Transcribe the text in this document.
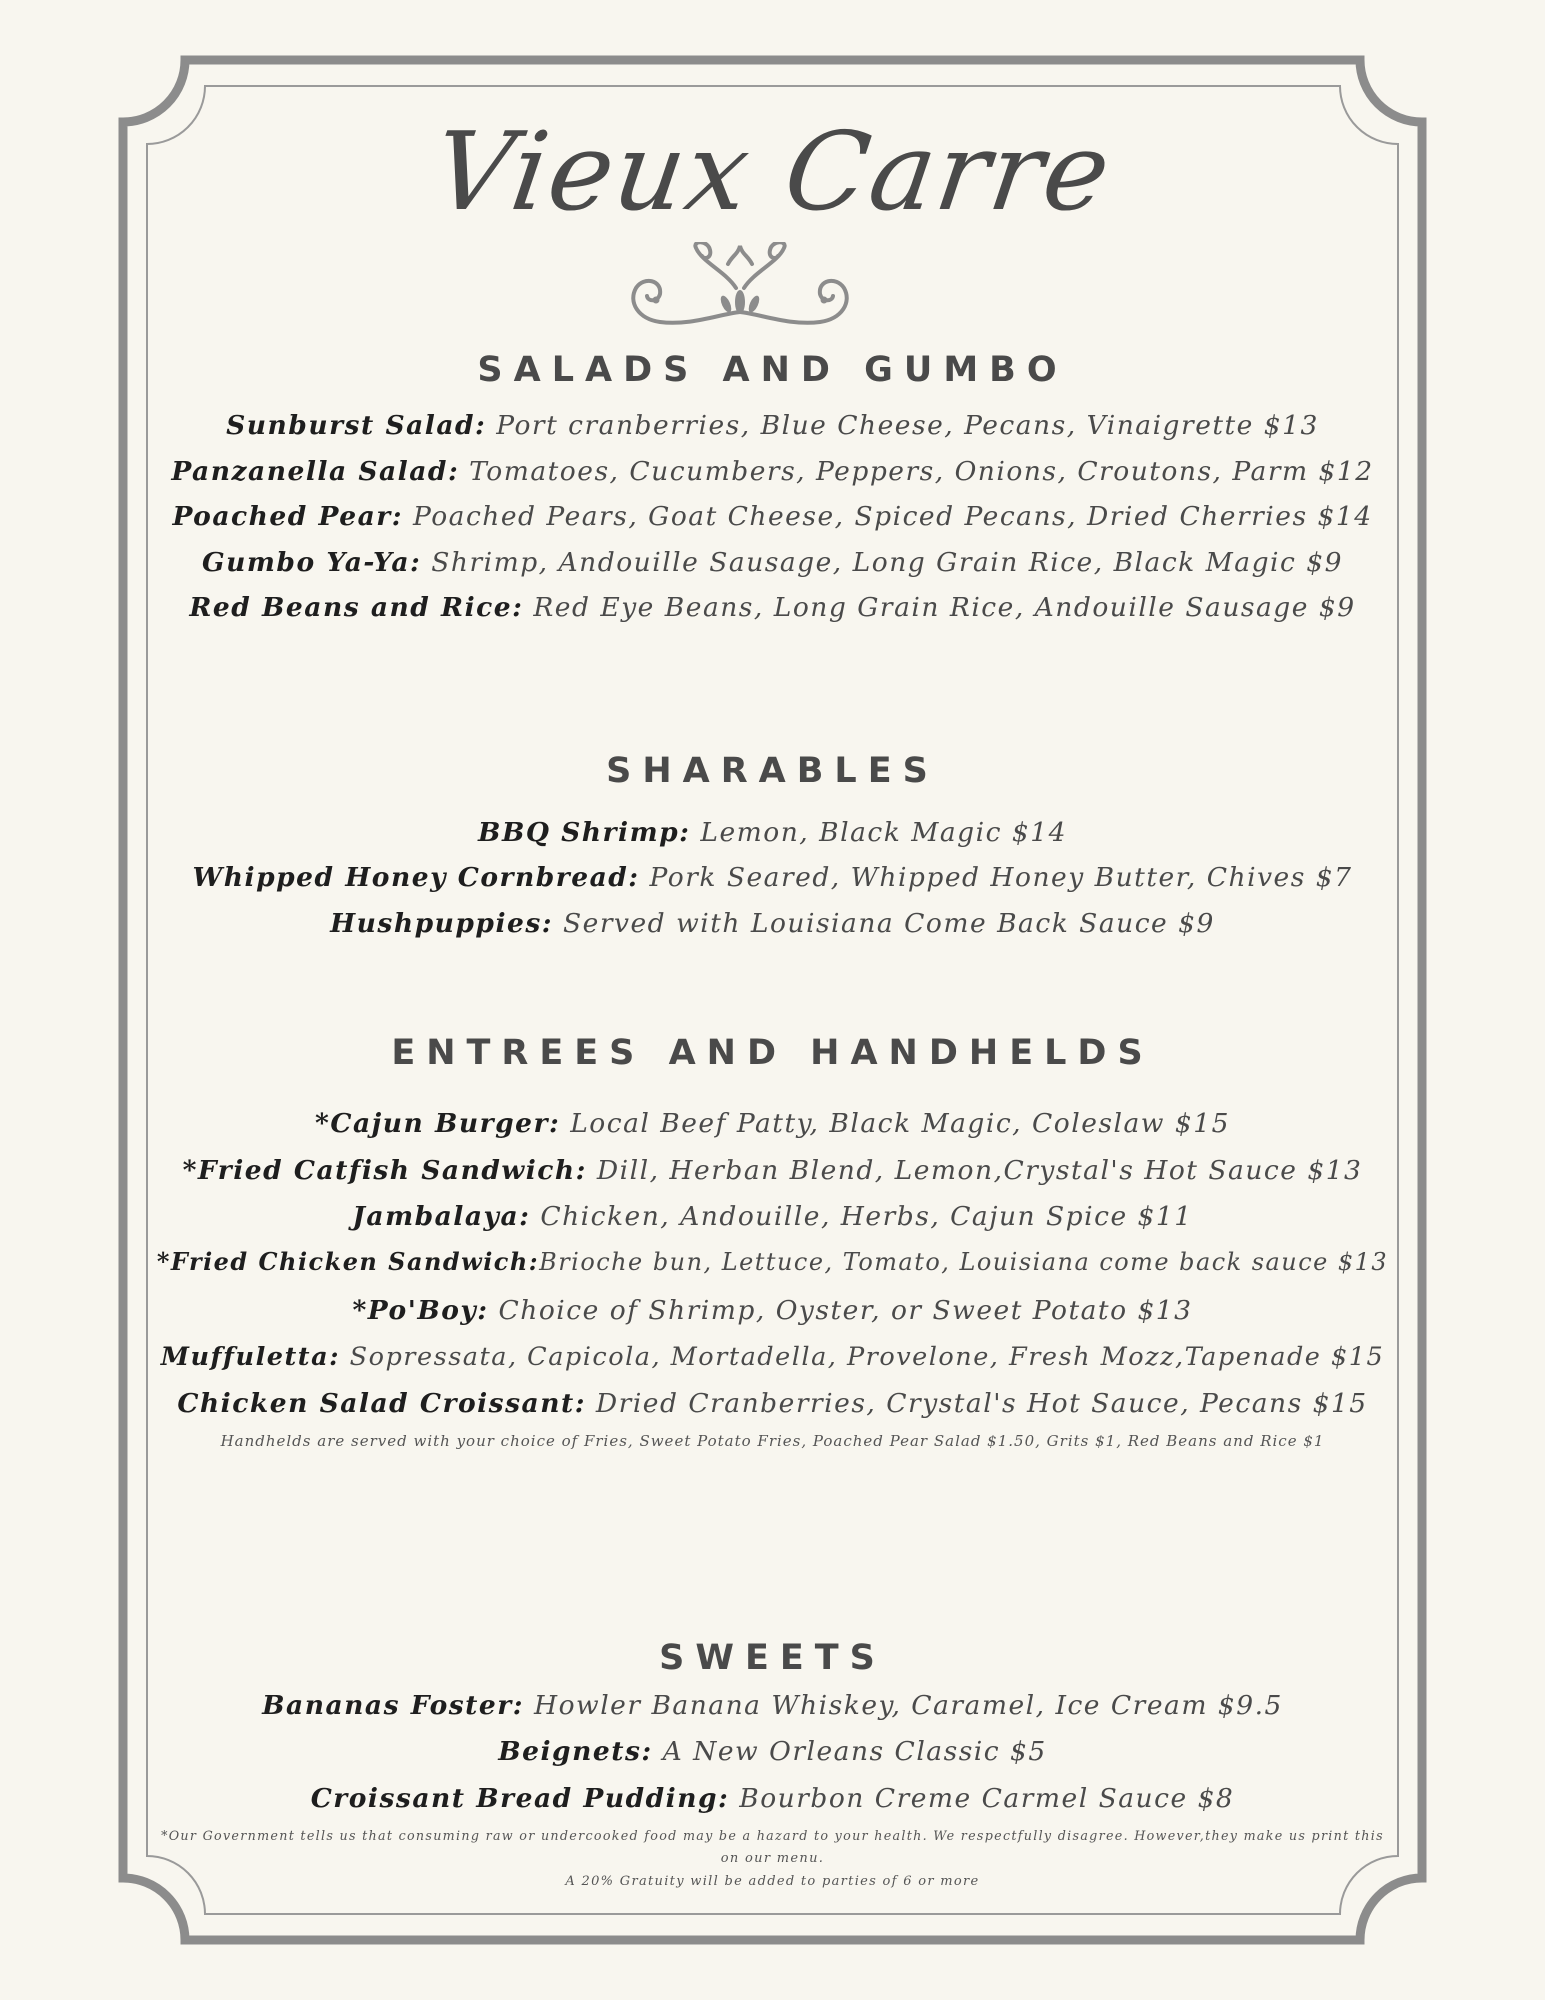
Vieux Carre
SALADS AND GUMBO
Sunburst Salad: Port cranberries, Blue Cheese, Pecans, Vinaigrette $13
Panzanella Salad: Tomatoes, Cucumbers, Peppers, Onions, Croutons, Parm $12
Poached Pear: Poached Pears, Goat Cheese, Spiced Pecans, Dried Cherries $14
Gumbo Ya-Ya: Shrimp, Andouille Sausage, Long Grain Rice, Black Magic $9
Red Beans and Rice: Red Eye Beans, Long Grain Rice, Andouille Sausage $9
SHARABLES
BBQ Shrimp: Lemon, Black Magic $14
Whipped Honey Cornbread: Pork Seared, Whipped Honey Butter, Chives $7
Hushpuppies: Served with Louisiana Come Back Sauce $9
ENTREES AND HANDHELDS
*Cajun Burger: Local Beef Patty, Black Magic, Coleslaw $15
*Fried Catfish Sandwich: Dill, Herban Blend, Lemon,Crystal's Hot Sauce $13
Jambalaya: Chicken, Andouille, Herbs, Cajun Spice $11
*Fried Chicken Sandwich:Brioche bun, Lettuce, Tomato, Louisiana come back sauce $13
*Po'Boy: Choice of Shrimp, Oyster, or Sweet Potato $13
Muffuletta: Sopressata, Capicola, Mortadella, Provelone, Fresh Mozz,Tapenade $15
Chicken Salad Croissant: Dried Cranberries, Crystal's Hot Sauce, Pecans $15
Handhelds are served with your choice of Fries, Sweet Potato Fries, Poached Pear Salad $1.50, Grits $1, Red Beans and Rice $1
SWEETS
Bananas Foster: Howler Banana Whiskey, Caramel, Ice Cream $9.5
Beignets: A New Orleans Classic $5
Croissant Bread Pudding: Bourbon Creme Carmel Sauce $8
*Our Government tells us that consuming raw or undercooked food may be a hazard to your health. We respectfully disagree. However,they make us print this
on our menu.
A 20% Gratuity will be added to parties of 6 or more
